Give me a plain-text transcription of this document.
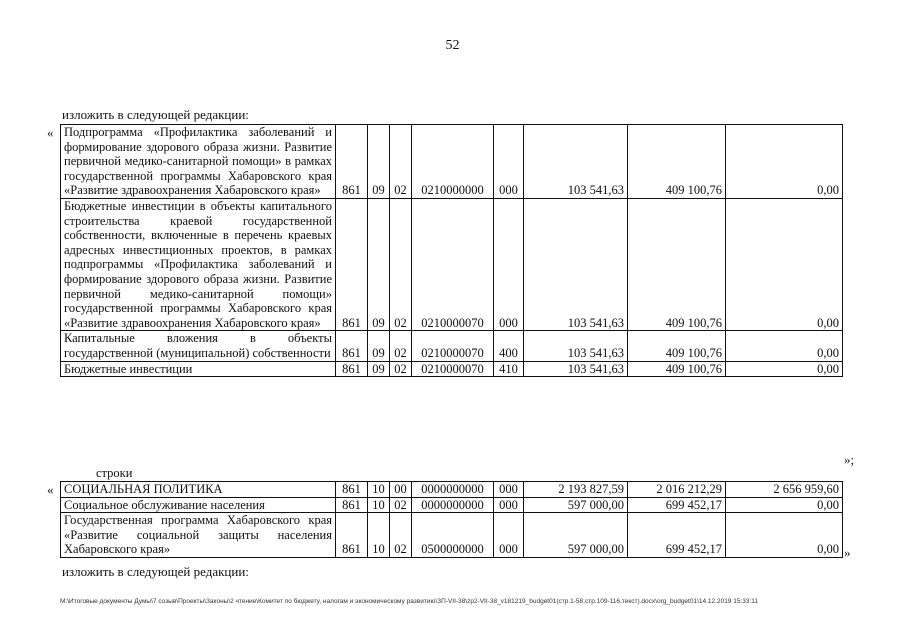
52
изложить в следующей редакции:
« Подпрограмма «Профилактика заболеваний и формирование здорового образа жизни. Развитие первичной медико-санитарной помощи» в рамках государственной программы Хабаровского края «Развитие здравоохранения Хабаровского края»	861	09	02	0210000000	000	103 541,63	409 100,76	0,00
Бюджетные инвестиции в объекты капитального строительства краевой государственной собственности, включенные в перечень краевых адресных инвестиционных проектов, в рамках подпрограммы «Профилактика заболеваний и формирование здорового образа жизни. Развитие первичной медико-санитарной помощи» государственной программы Хабаровского края «Развитие здравоохранения Хабаровского края»	861	09	02	0210000070	000	103 541,63	409 100,76	0,00
Капитальные вложения в объекты государственной (муниципальной) собственности	861	09	02	0210000070	400	103 541,63	409 100,76	0,00
Бюджетные инвестиции	861	09	02	0210000070	410	103 541,63	409 100,76	0,00
»;
строки
« СОЦИАЛЬНАЯ ПОЛИТИКА	861	10	00	0000000000	000	2 193 827,59	2 016 212,29	2 656 959,60
Социальное обслуживание населения	861	10	02	0000000000	000	597 000,00	699 452,17	0,00
Государственная программа Хабаровского края «Развитие социальной защиты населения Хабаровского края»	861	10	02	0500000000	000	597 000,00	699 452,17	0,00 »
изложить в следующей редакции:
M:\Итоговые документы Думы\7 созыв\Проекты\Законы\2 чтение\Комитет по бюджету, налогам и экономическому развитию\ЗП-VII-38\zp2-VII-38_v181219_budget01(стр.1-58,стр.109-116,текст).docx\org_budget01\14.12.2019 15:33:11
